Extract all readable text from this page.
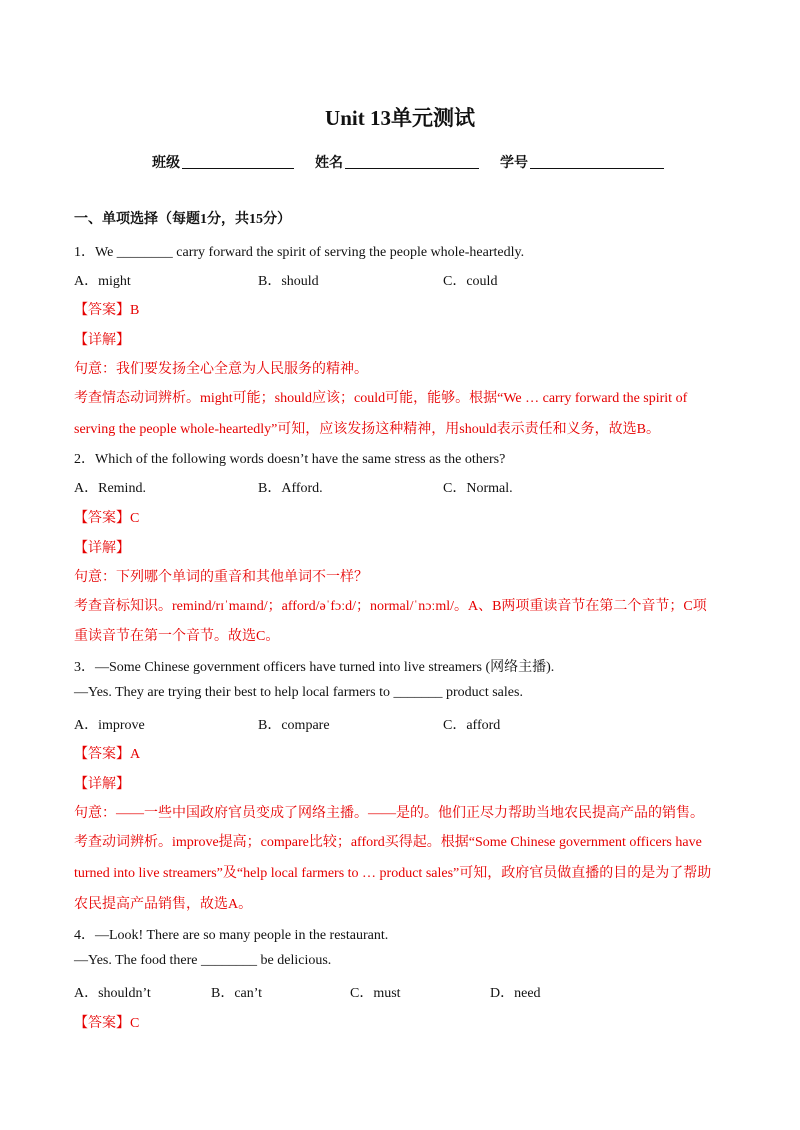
Unit 13单元测试
班级	姓名	学号
一、单项选择（每题1分，共15分）
1．We ________ carry forward the spirit of serving the people whole-heartedly.
A．might	B．should	C．could
【答案】B
【详解】
句意：我们要发扬全心全意为人民服务的精神。
考查情态动词辨析。might可能；should应该；could可能，能够。根据“We … carry forward the spirit of
serving the people whole-heartedly”可知，应该发扬这种精神，用should表示责任和义务，故选B。
2．Which of the following words doesn’t have the same stress as the others?
A．Remind.	B．Afford.	C．Normal.
【答案】C
【详解】
句意：下列哪个单词的重音和其他单词不一样？
考查音标知识。remind/rɪˈmaɪnd/；afford/əˈfɔːd/；normal/ˈnɔːml/。A、B两项重读音节在第二个音节；C项
重读音节在第一个音节。故选C。
3．—Some Chinese government officers have turned into live streamers (网络主播).
—Yes. They are trying their best to help local farmers to _______ product sales.
A．improve	B．compare	C．afford
【答案】A
【详解】
句意：——一些中国政府官员变成了网络主播。——是的。他们正尽力帮助当地农民提高产品的销售。
考查动词辨析。improve提高；compare比较；afford买得起。根据“Some Chinese government officers have
turned into live streamers”及“help local farmers to … product sales”可知，政府官员做直播的目的是为了帮助
农民提高产品销售，故选A。
4．—Look! There are so many people in the restaurant.
—Yes. The food there ________ be delicious.
A．shouldn’t	B．can’t	C．must	D．need
【答案】C
